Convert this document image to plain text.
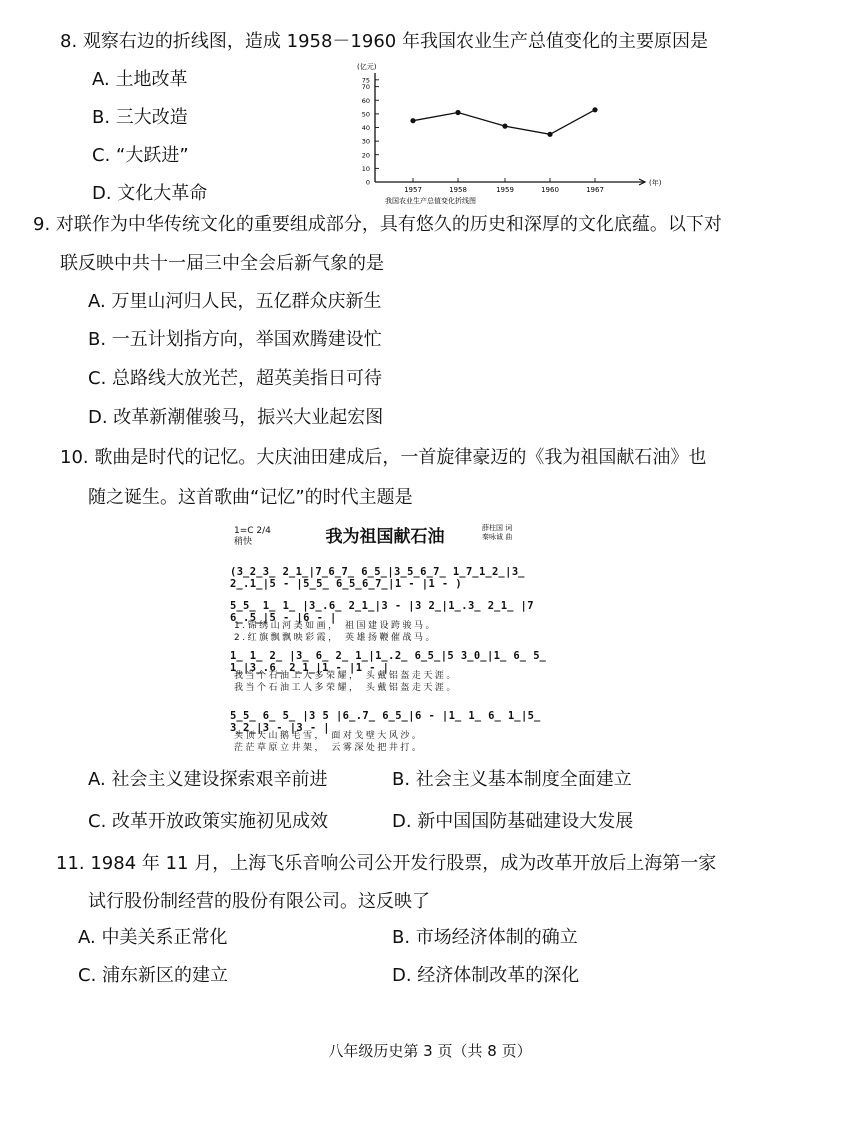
8. 观察右边的折线图，造成 1958－1960 年我国农业生产总值变化的主要原因是
A. 土地改革
B. 三大改造
C. “大跃进”
D. 文化大革命
(亿元)
(年)
75
70
60
50
40
30
20
10
0
1957	1958	1959	1960	1967
我国农业生产总值变化折线图
9. 对联作为中华传统文化的重要组成部分，具有悠久的历史和深厚的文化底蕴。以下对
联反映中共十一届三中全会后新气象的是
A. 万里山河归人民，五亿群众庆新生
B. 一五计划指方向，举国欢腾建设忙
C. 总路线大放光芒，超英美指日可待
D. 改革新潮催骏马，振兴大业起宏图
10. 歌曲是时代的记忆。大庆油田建成后，一首旋律豪迈的《我为祖国献石油》也
随之诞生。这首歌曲“记忆”的时代主题是
我为祖国献石油
1=C 2/4
稍快
薛柱国 词
秦咏诚 曲
(3̲2̲3̲ 2̲1̲|7̲6̲7̲ 6̲5̲|3̲5̲6̲7̲ 1̲7̲1̲2̲|3̲ 2̲.1̲|5 - |5̲5̲ 6̲5̲6̲7̲|1 - |1 - )
5̲5̲ 1̲ 1̲ |3̲.6̲ 2̲1̲|3 - |3 2̲|1̲.3̲ 2̲1̲ |7 6̲.5̲|5 - |6 - |
1.锦绣山河美如画， 祖国建设跨骏马。
2.红旗飘飘映彩霞， 英雄扬鞭催战马。
1̲ 1̲ 2̲ |3̲ 6̲ 2̲ 1̲|1̲.2̲ 6̲5̲|5 3̲0̲|1̲ 6̲ 5̲ 1̲|3̲.6̲ 2̲1̲|1 - |1 - |
我当个石油工人多荣耀， 头戴铝盔走天涯。
我当个石油工人多荣耀， 头戴铝盔走天涯。
5̲5̲ 6̲ 5̲ |3 5 |6̲.7̲ 6̲5̲|6 - |1̲ 1̲ 6̲ 1̲|5̲ 3̲2̲|3 - |3 - |
头顶天山鹅毛雪， 面对戈壁大风沙。
茫茫草原立井架， 云雾深处把井打。
A. 社会主义建设探索艰辛前进	B. 社会主义基本制度全面建立
C. 改革开放政策实施初见成效	D. 新中国国防基础建设大发展
11. 1984 年 11 月，上海飞乐音响公司公开发行股票，成为改革开放后上海第一家
试行股份制经营的股份有限公司。这反映了
A. 中美关系正常化	B. 市场经济体制的确立
C. 浦东新区的建立	D. 经济体制改革的深化
八年级历史第 3 页（共 8 页）
